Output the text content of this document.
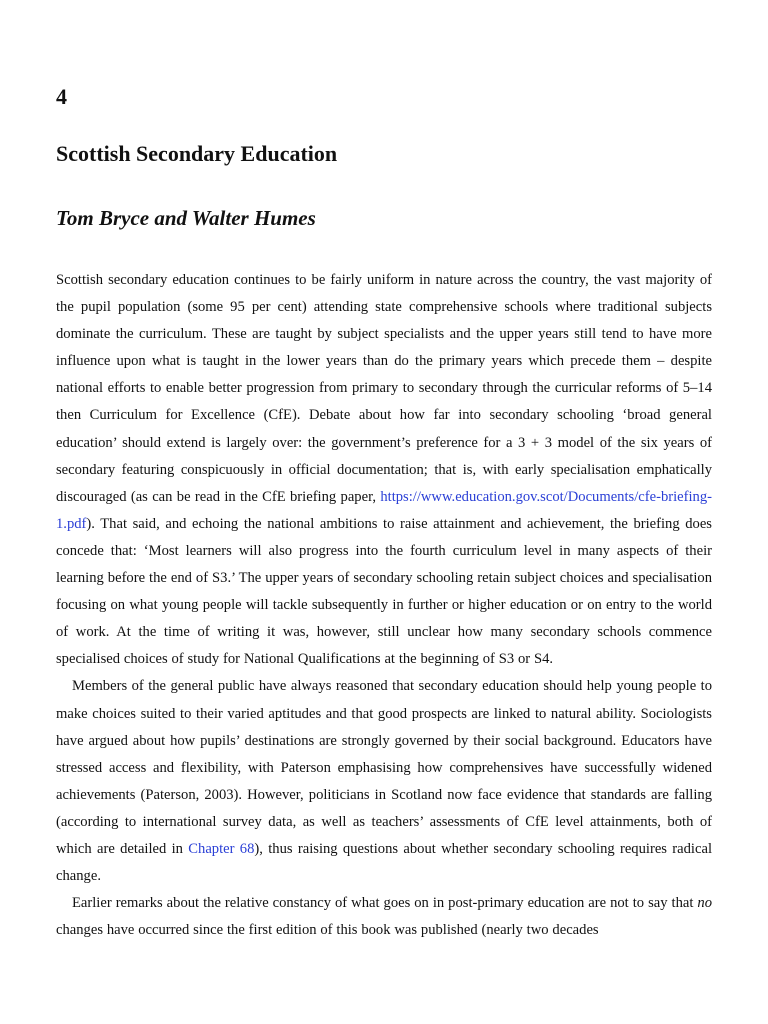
4
Scottish Secondary Education
Tom Bryce and Walter Humes

Scottish secondary education continues to be fairly uniform in nature across the country, the vast majority of the pupil population (some 95 per cent) attending state comprehensive schools where traditional subjects dominate the curriculum. These are taught by subject specialists and the upper years still tend to have more influence upon what is taught in the lower years than do the primary years which precede them – despite national efforts to enable better progression from primary to secondary through the curricular reforms of 5–14 then Curriculum for Excellence (CfE). Debate about how far into secondary schooling ‘broad general education’ should extend is largely over: the government’s preference for a 3 + 3 model of the six years of secondary featuring conspicuously in official documentation; that is, with early specialisation emphatically discouraged (as can be read in the CfE briefing paper, https://www.education.gov.scot/Documents/cfe-briefing-1.pdf). That said, and echoing the national ambitions to raise attainment and achievement, the briefing does concede that: ‘Most learners will also progress into the fourth curriculum level in many aspects of their learning before the end of S3.’ The upper years of secondary schooling retain subject choices and specialisation focusing on what young people will tackle subsequently in further or higher education or on entry to the world of work. At the time of writing it was, however, still unclear how many secondary schools commence specialised choices of study for National Qualifications at the beginning of S3 or S4.

Members of the general public have always reasoned that secondary education should help young people to make choices suited to their varied aptitudes and that good prospects are linked to natural ability. Sociologists have argued about how pupils’ destinations are strongly governed by their social background. Educators have stressed access and flexibility, with Paterson emphasising how comprehensives have successfully widened achievements (Paterson, 2003). However, politicians in Scotland now face evidence that standards are falling (according to international survey data, as well as teachers’ assessments of CfE level attainments, both of which are detailed in Chapter 68), thus raising questions about whether secondary schooling requires radical change.

Earlier remarks about the relative constancy of what goes on in post-primary education are not to say that no changes have occurred since the first edition of this book was published (nearly two decades
